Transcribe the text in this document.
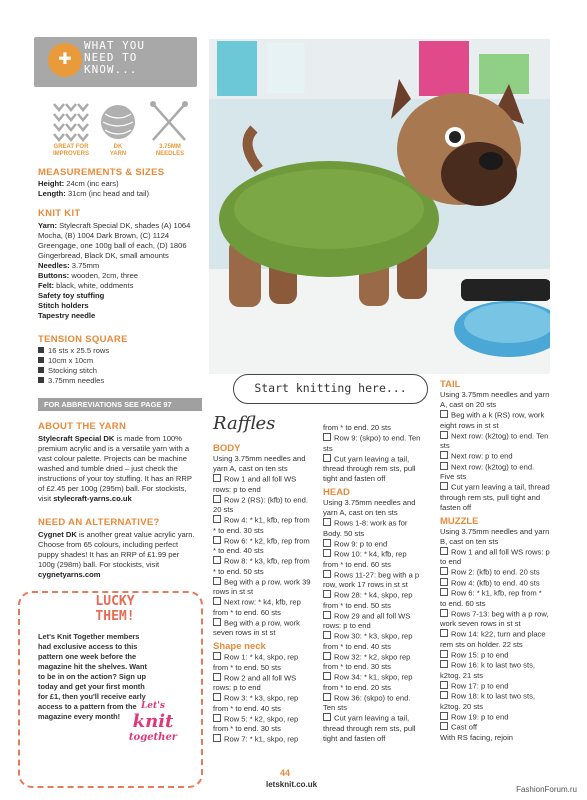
✚
WHAT YOU
NEED TO
KNOW...
GREAT FOR
IMPROVERS
DK
YARN
3.75MM
NEEDLES
MEASUREMENTS & SIZES
Height: 24cm (inc ears)
Length: 31cm (inc head and tail)
KNIT KIT
Yarn: Stylecraft Special DK, shades (A) 1064 Mocha, (B) 1004 Dark Brown, (C) 1124 Greengage, one 100g ball of each, (D) 1806 Gingerbread, Black DK, small amounts
Needles: 3.75mm
Buttons: wooden, 2cm, three
Felt: black, white, oddments
Safety toy stuffing
Stitch holders
Tapestry needle
TENSION SQUARE
16 sts x 25.5 rows
10cm x 10cm
Stocking stitch
3.75mm needles
FOR ABBREVIATIONS SEE PAGE 97
ABOUT THE YARN
Stylecraft Special DK is made from 100% premium acrylic and is a versatile yarn with a vast colour palette. Projects can be machine washed and tumble dried – just check the instructions of your toy stuffing. It has an RRP of £2.45 per 100g (295m) ball. For stockists, visit stylecraft-yarns.co.uk
NEED AN ALTERNATIVE?
Cygnet DK is another great value acrylic yarn. Choose from 65 colours, including perfect puppy shades! It has an RRP of £1.99 per 100g (298m) ball. For stockists, visit cygnetyarns.com
LUCKY
THEM!
Let's Knit Together members had exclusive access to this pattern one week before the magazine hit the shelves. Want to be in on the action? Sign up today and get your first month for £1, then you'll receive early access to a pattern from the magazine every month!
Let's
knit
together
Start knitting here...
Raffles
BODY
Using 3.75mm needles and yarn A, cast on ten sts
Row 1 and all foll WS rows: p to end
Row 2 (RS): (kfb) to end. 20 sts
Row 4: * k1, kfb, rep from * to end. 30 sts
Row 6: * k2, kfb, rep from * to end. 40 sts
Row 8: * k3, kfb, rep from * to end. 50 sts
Beg with a p row, work 39 rows in st st
Next row: * k4, kfb, rep from * to end. 60 sts
Beg with a p row, work seven rows in st st
Shape neck
Row 1: * k4, skpo, rep from * to end. 50 sts
Row 2 and all foll WS rows: p to end
Row 3: * k3, skpo, rep from * to end. 40 sts
Row 5: * k2, skpo, rep from * to end. 30 sts
Row 7: * k1, skpo, rep
from * to end. 20 sts
Row 9: (skpo) to end. Ten sts
Cut yarn leaving a tail, thread through rem sts, pull tight and fasten off
HEAD
Using 3.75mm needles and yarn A, cast on ten sts
Rows 1-8: work as for Body. 50 sts
Row 9: p to end
Row 10: * k4, kfb, rep from * to end. 60 sts
Rows 11-27: beg with a p row, work 17 rows in st st
Row 28: * k4, skpo, rep from * to end. 50 sts
Row 29 and all foll WS rows: p to end
Row 30: * k3, skpo, rep from * to end. 40 sts
Row 32: * k2, skpo rep from * to end. 30 sts
Row 34: * k1, skpo, rep from * to end. 20 sts
Row 36: (skpo) to end. Ten sts
Cut yarn leaving a tail, thread through rem sts, pull tight and fasten off
TAIL
Using 3.75mm needles and yarn A, cast on 20 sts
Beg with a k (RS) row, work eight rows in st st
Next row: (k2tog) to end. Ten sts
Next row: p to end
Next row: (k2tog) to end. Five sts
Cut yarn leaving a tail, thread through rem sts, pull tight and fasten off
MUZZLE
Using 3.75mm needles and yarn B, cast on ten sts
Row 1 and all foll WS rows: p to end
Row 2: (kfb) to end. 20 sts
Row 4: (kfb) to end. 40 sts
Row 6: * k1, kfb, rep from * to end. 60 sts
Rows 7-13: beg with a p row, work seven rows in st st
Row 14: k22, turn and place rem sts on holder. 22 sts
Row 15: p to end
Row 16: k to last two sts, k2tog. 21 sts
Row 17: p to end
Row 18: k to last two sts, k2tog. 20 sts
Row 19: p to end
Cast off
With RS facing, rejoin
44
letsknit.co.uk
FashionForum.ru
